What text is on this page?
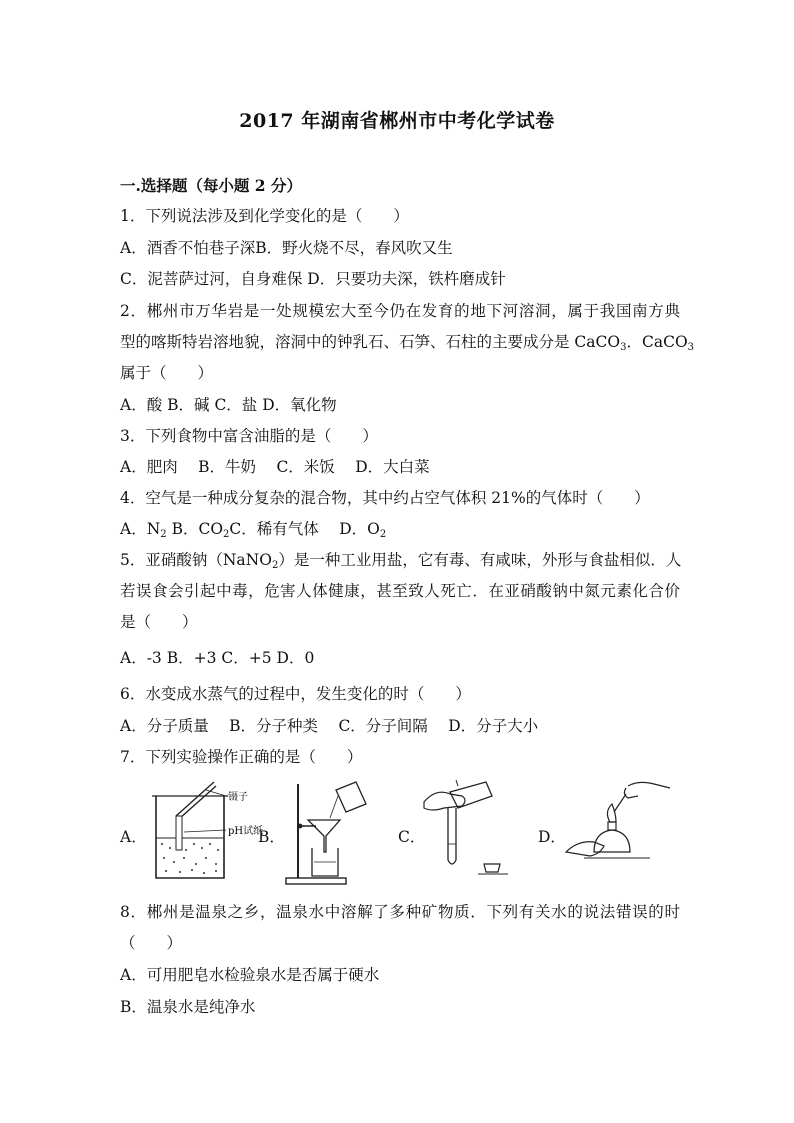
2017 年湖南省郴州市中考化学试卷
一.选择题（每小题 2 分）
1．下列说法涉及到化学变化的是（　　）
A．酒香不怕巷子深B．野火烧不尽，春风吹又生
C．泥菩萨过河，自身难保 D．只要功夫深，铁杵磨成针
2．郴州市万华岩是一处规模宏大至今仍在发育的地下河溶洞，属于我国南方典
型的喀斯特岩溶地貌，溶洞中的钟乳石、石笋、石柱的主要成分是 CaCO$_3$．CaCO$_3$
属于（　　）
A．酸 B．碱 C．盐 D．氧化物
3．下列食物中富含油脂的是（　　）
A．肥肉　 B．牛奶　 C．米饭　 D．大白菜
4．空气是一种成分复杂的混合物，其中约占空气体积 21%的气体时（　　）
A．$N_2$ B．$CO_2C$．稀有气体　 D．$O_2$
5．亚硝酸钠（NaNO$_2$）是一种工业用盐，它有毒、有咸味，外形与食盐相似．人
若误食会引起中毒，危害人体健康，甚至致人死亡．在亚硝酸钠中氮元素化合价
是（　　）
A．-3 B．+3 C．+5 D．0
6．水变成水蒸气的过程中，发生变化的时（　　）
A．分子质量　 B．分子种类　 C．分子间隔　 D．分子大小
7．下列实验操作正确的是（　　）
A．
镊子
pH试纸
B．	C．	D．
8．郴州是温泉之乡，温泉水中溶解了多种矿物质．下列有关水的说法错误的时
（　　）
A．可用肥皂水检验泉水是否属于硬水
B．温泉水是纯净水
